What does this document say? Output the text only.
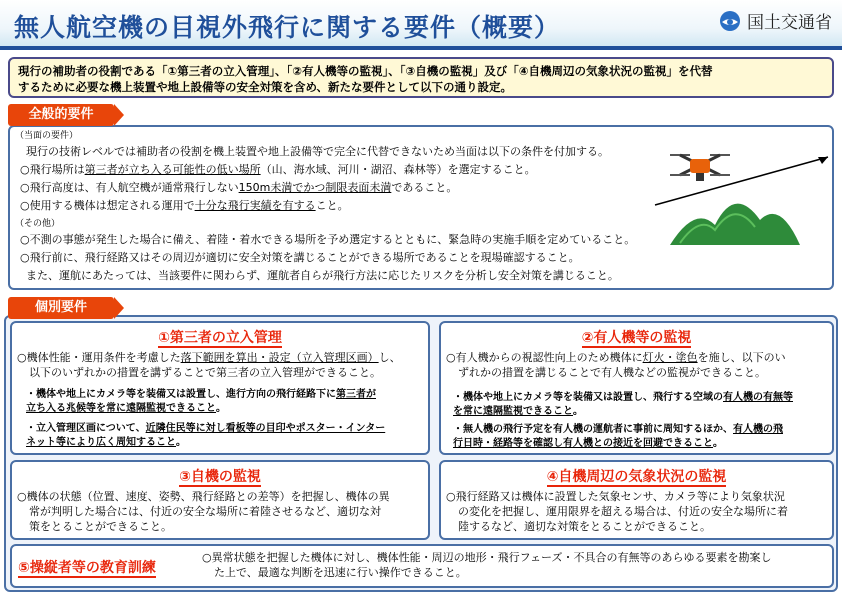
無人航空機の目視外飛行に関する要件（概要）	国土交通省
現行の補助者の役割である「①第三者の立入管理」、「②有人機等の監視」、「③自機の監視」及び「④自機周辺の気象状況の監視」を代替
するために必要な機上装置や地上設備等の安全対策を含め、新たな要件として以下の通り設定。
全般的要件
（当面の要件）
現行の技術レベルでは補助者の役割を機上装置や地上設備等で完全に代替できないため当面は以下の条件を付加する。
○飛行場所は第三者が立ち入る可能性の低い場所（山、海水域、河川・湖沼、森林等）を選定すること。
○飛行高度は、有人航空機が通常飛行しない150m未満でかつ制限表面未満であること。
○使用する機体は想定される運用で十分な飛行実績を有すること。
（その他）
○不測の事態が発生した場合に備え、着陸・着水できる場所を予め選定するとともに、緊急時の実施手順を定めていること。
○飛行前に、飛行経路又はその周辺が適切に安全対策を講じることができる場所であることを現場確認すること。
また、運航にあたっては、当該要件に関わらず、運航者自らが飛行方法に応じたリスクを分析し安全対策を講じること。
個別要件
①第三者の立入管理
○機体性能・運用条件を考慮した落下範囲を算出・設定（立入管理区画）し、
以下のいずれかの措置を講ずることで第三者の立入管理ができること。
・機体や地上にカメラ等を装備又は設置し、進行方向の飛行経路下に第三者が
立ち入る兆候等を常に遠隔監視できること。
・立入管理区画について、近隣住民等に対し看板等の目印やポスター・インター
ネット等により広く周知すること。
②有人機等の監視
○有人機からの視認性向上のため機体に灯火・塗色を施し、以下のい
ずれかの措置を講じることで有人機などの監視ができること。
・機体や地上にカメラ等を装備又は設置し、飛行する空域の有人機の有無等
を常に遠隔監視できること。
・無人機の飛行予定を有人機の運航者に事前に周知するほか、有人機の飛
行日時・経路等を確認し有人機との接近を回避できること。
③自機の監視
○機体の状態（位置、速度、姿勢、飛行経路との差等）を把握し、機体の異
常が判明した場合には、付近の安全な場所に着陸させるなど、適切な対
策をとることができること。
④自機周辺の気象状況の監視
○飛行経路又は機体に設置した気象センサ、カメラ等により気象状況
の変化を把握し、運用限界を超える場合は、付近の安全な場所に着
陸するなど、適切な対策をとることができること。
⑤操縦者等の教育訓練
○異常状態を把握した機体に対し、機体性能・周辺の地形・飛行フェーズ・不具合の有無等のあらゆる要素を勘案し
た上で、最適な判断を迅速に行い操作できること。
